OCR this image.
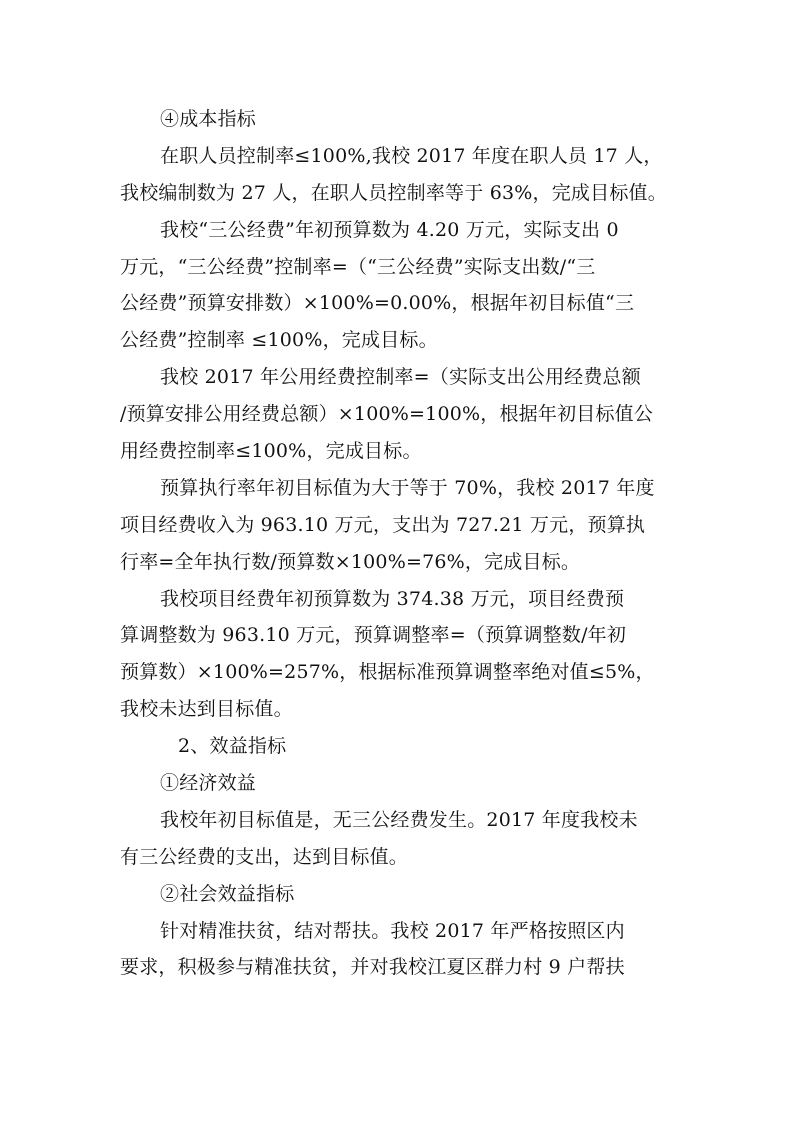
④成本指标
在职人员控制率≤100%,我校 2017 年度在职人员 17 人，
我校编制数为 27 人，在职人员控制率等于 63%，完成目标值。
我校“三公经费”年初预算数为 4.20 万元，实际支出 0
万元，“三公经费”控制率=（“三公经费”实际支出数/“三
公经费”预算安排数）×100%=0.00%，根据年初目标值“三
公经费”控制率 ≤100%，完成目标。
我校 2017 年公用经费控制率=（实际支出公用经费总额
/预算安排公用经费总额）×100%=100%，根据年初目标值公
用经费控制率≤100%，完成目标。
预算执行率年初目标值为大于等于 70%，我校 2017 年度
项目经费收入为 963.10 万元，支出为 727.21 万元，预算执
行率=全年执行数/预算数×100%=76%，完成目标。
我校项目经费年初预算数为 374.38 万元，项目经费预
算调整数为 963.10 万元，预算调整率=（预算调整数/年初
预算数）×100%=257%，根据标准预算调整率绝对值≤5%，
我校未达到目标值。
2、效益指标
①经济效益
我校年初目标值是，无三公经费发生。2017 年度我校未
有三公经费的支出，达到目标值。
②社会效益指标
针对精准扶贫，结对帮扶。我校 2017 年严格按照区内
要求，积极参与精准扶贫，并对我校江夏区群力村 9 户帮扶
